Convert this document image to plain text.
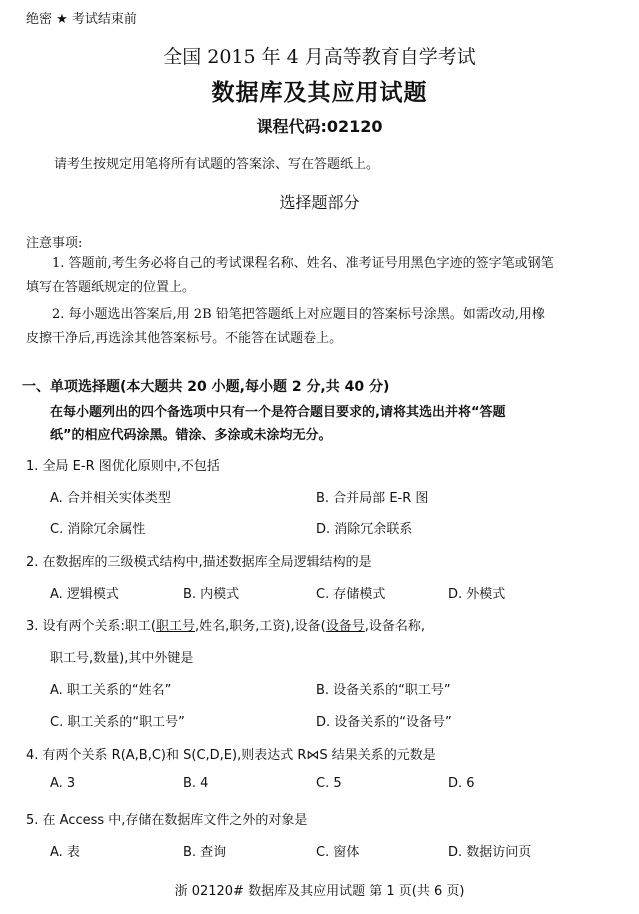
绝密 ★ 考试结束前
全国 2015 年 4 月高等教育自学考试
数据库及其应用试题
课程代码:02120
请考生按规定用笔将所有试题的答案涂、写在答题纸上。
选择题部分
注意事项:
1. 答题前,考生务必将自己的考试课程名称、姓名、准考证号用黑色字迹的签字笔或钢笔
填写在答题纸规定的位置上。
2. 每小题选出答案后,用 2B 铅笔把答题纸上对应题目的答案标号涂黑。如需改动,用橡
皮擦干净后,再选涂其他答案标号。不能答在试题卷上。
一、单项选择题(本大题共 20 小题,每小题 2 分,共 40 分)
在每小题列出的四个备选项中只有一个是符合题目要求的,请将其选出并将“答题
纸”的相应代码涂黑。错涂、多涂或未涂均无分。
1. 全局 E-R 图优化原则中,不包括
A. 合并相关实体类型	B. 合并局部 E-R 图
C. 消除冗余属性	D. 消除冗余联系
2. 在数据库的三级模式结构中,描述数据库全局逻辑结构的是
A. 逻辑模式	B. 内模式	C. 存储模式	D. 外模式
3. 设有两个关系:职工(职工号,姓名,职务,工资),设备(设备号,设备名称,
职工号,数量),其中外键是
A. 职工关系的“姓名”	B. 设备关系的“职工号”
C. 职工关系的“职工号”	D. 设备关系的“设备号”
4. 有两个关系 R(A,B,C)和 S(C,D,E),则表达式 R⋈S 结果关系的元数是
A. 3	B. 4	C. 5	D. 6
5. 在 Access 中,存储在数据库文件之外的对象是
A. 表	B. 查询	C. 窗体	D. 数据访问页
浙 02120# 数据库及其应用试题 第 1 页(共 6 页)
